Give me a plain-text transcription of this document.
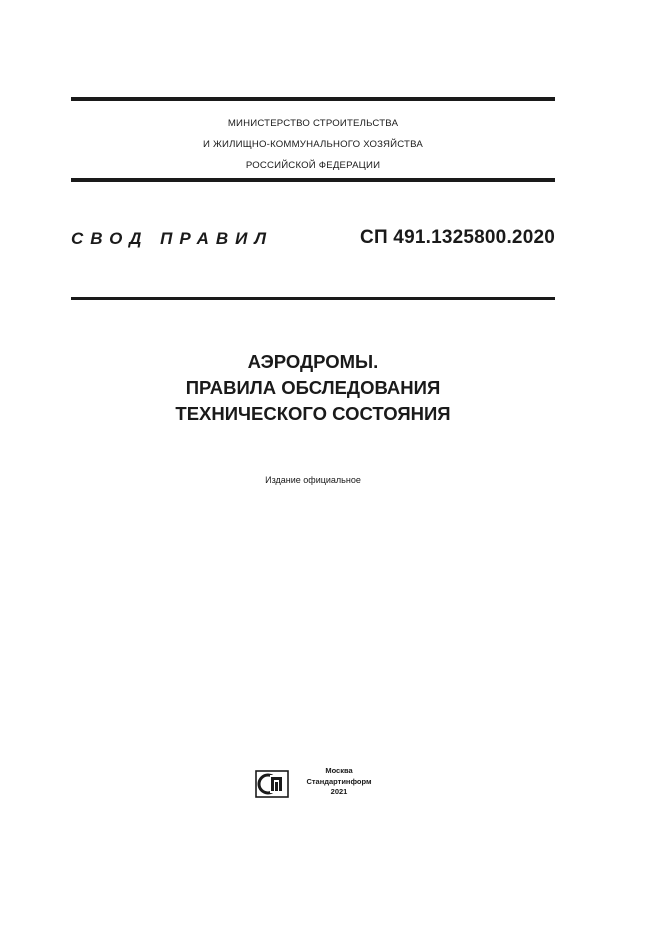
МИНИСТЕРСТВО СТРОИТЕЛЬСТВА
И ЖИЛИЩНО-КОММУНАЛЬНОГО ХОЗЯЙСТВА
РОССИЙСКОЙ ФЕДЕРАЦИИ
СВОД ПРАВИЛ	СП 491.1325800.2020
АЭРОДРОМЫ.
ПРАВИЛА ОБСЛЕДОВАНИЯ
ТЕХНИЧЕСКОГО СОСТОЯНИЯ
Издание официальное
Москва
Стандартинформ
2021
